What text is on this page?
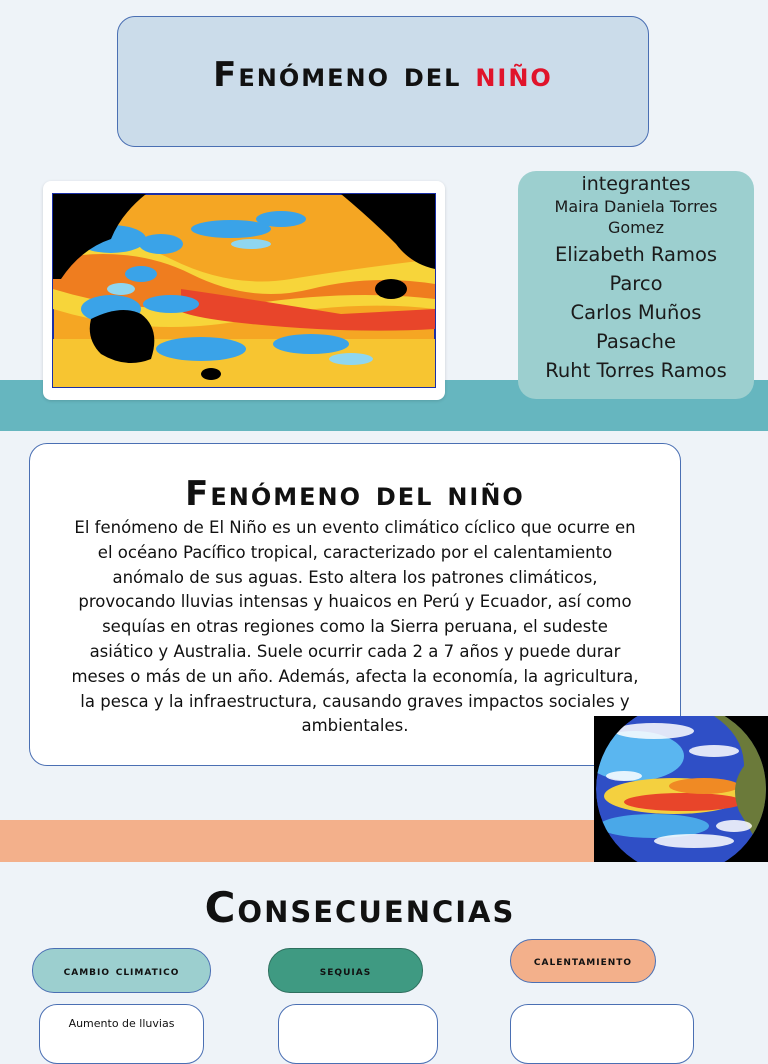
Fenómeno del niño
integrantes
Maira Daniela Torres
Gomez
Elizabeth Ramos
Parco
Carlos Muños
Pasache
Ruht Torres Ramos
Fenómeno del niño

El fenómeno de El Niño es un evento climático cíclico que ocurre en
el océano Pacífico tropical, caracterizado por el calentamiento
anómalo de sus aguas. Esto altera los patrones climáticos,
provocando lluvias intensas y huaicos en Perú y Ecuador, así como
sequías en otras regiones como la Sierra peruana, el sudeste
asiático y Australia. Suele ocurrir cada 2 a 7 años y puede durar
meses o más de un año. Además, afecta la economía, la agricultura,
la pesca y la infraestructura, causando graves impactos sociales y
ambientales.

Consecuencias
cambio climatico	sequias
calentamiento
Aumento de lluvias
